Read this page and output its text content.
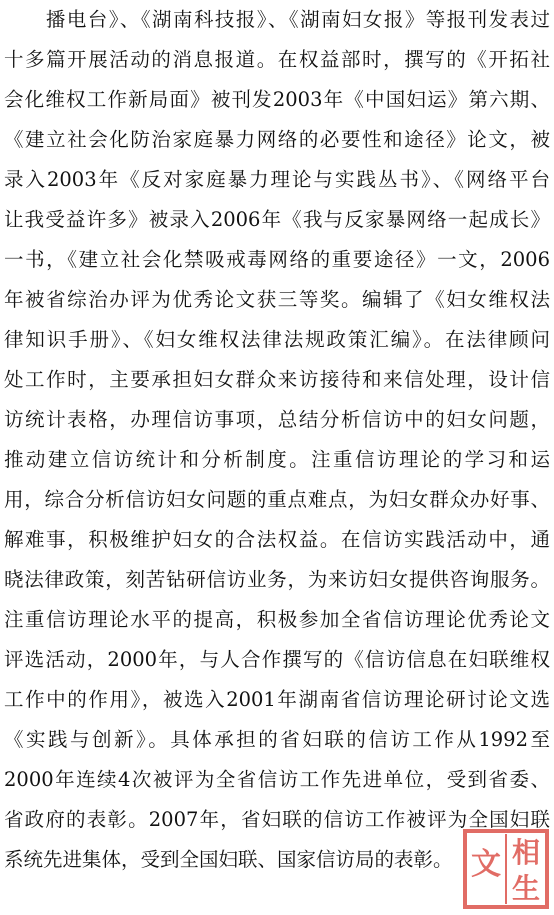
　　播电台》、《湖南科技报》、《湖南妇女报》等报刊发表过
十多篇开展活动的消息报道。在权益部时，撰写的《开拓社
会化维权工作新局面》被刊发2003年《中国妇运》第六期、
《建立社会化防治家庭暴力网络的必要性和途径》论文，被
录入2003年《反对家庭暴力理论与实践丛书》、《网络平台
让我受益许多》被录入2006年《我与反家暴网络一起成长》
一书，《建立社会化禁吸戒毒网络的重要途径》一文，2006
年被省综治办评为优秀论文获三等奖。编辑了《妇女维权法
律知识手册》、《妇女维权法律法规政策汇编》。在法律顾问
处工作时，主要承担妇女群众来访接待和来信处理，设计信
访统计表格，办理信访事项，总结分析信访中的妇女问题，
推动建立信访统计和分析制度。注重信访理论的学习和运
用，综合分析信访妇女问题的重点难点，为妇女群众办好事、
解难事，积极维护妇女的合法权益。在信访实践活动中，通
晓法律政策，刻苦钻研信访业务，为来访妇女提供咨询服务。
注重信访理论水平的提高，积极参加全省信访理论优秀论文
评选活动，2000年，与人合作撰写的《信访信息在妇联维权
工作中的作用》，被选入2001年湖南省信访理论研讨论文选
《实践与创新》。具体承担的省妇联的信访工作从1992至
2000年连续4次被评为全省信访工作先进单位，受到省委、
省政府的表彰。2007年，省妇联的信访工作被评为全国妇联
系统先进集体，受到全国妇联、国家信访局的表彰。	相
文
生
